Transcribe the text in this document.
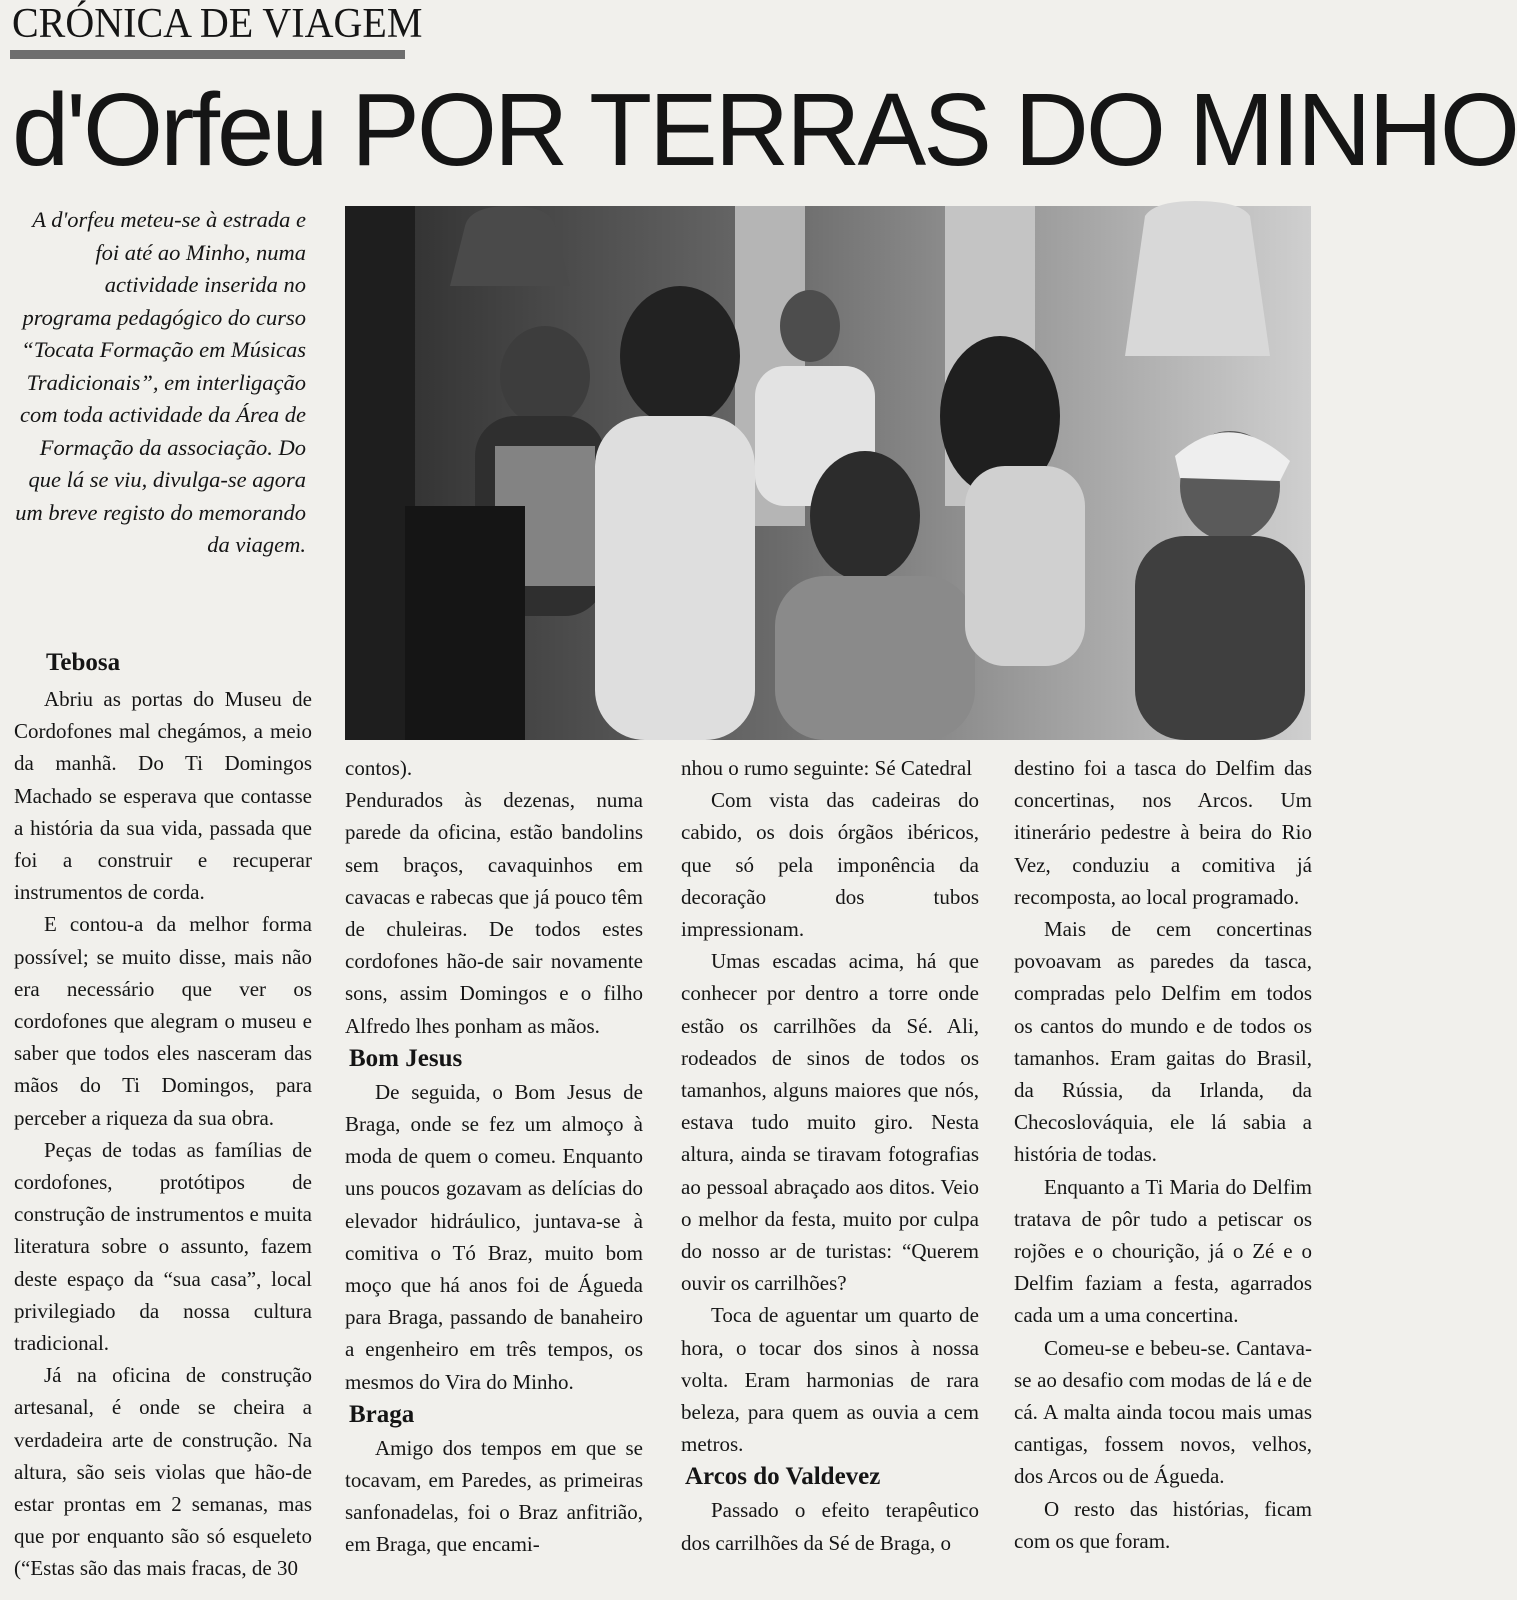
CRÓNICA DE VIAGEM
d'Orfeu POR TERRAS DO MINHO
A d'orfeu meteu-se à estrada e foi até ao Minho, numa actividade inserida no programa pedagógico do curso “Tocata Formação em Músicas Tradicionais”, em interligação com toda actividade da Área de Formação da associação. Do que lá se viu, divulga-se agora um breve registo do memorando da viagem.
Tebosa

Abriu as portas do Museu de Cordofones mal chegámos, a meio da manhã. Do Ti Domingos Machado se esperava que contasse a história da sua vida, passada que foi a construir e recuperar instrumentos de corda.

E contou-a da melhor forma possível; se muito disse, mais não era necessário que ver os cordofones que alegram o museu e saber que todos eles nasceram das mãos do Ti Domingos, para perceber a riqueza da sua obra.

Peças de todas as famílias de cordofones, protótipos de construção de instrumentos e muita literatura sobre o assunto, fazem deste espaço da “sua casa”, local privilegiado da nossa cultura tradicional.

Já na oficina de construção artesanal, é onde se cheira a verdadeira arte de construção. Na altura, são seis violas que hão-de estar prontas em 2 semanas, mas que por enquanto são só esqueleto (“Estas são das mais fracas, de 30

contos).

Pendurados às dezenas, numa parede da oficina, estão bandolins sem braços, cavaquinhos em cavacas e rabecas que já pouco têm de chuleiras. De todos estes cordofones hão-de sair novamente sons, assim Domingos e o filho Alfredo lhes ponham as mãos.

Bom Jesus

De seguida, o Bom Jesus de Braga, onde se fez um almoço à moda de quem o comeu. Enquanto uns poucos gozavam as delícias do elevador hidráulico, juntava-se à comitiva o Tó Braz, muito bom moço que há anos foi de Águeda para Braga, passando de banaheiro a engenheiro em três tempos, os mesmos do Vira do Minho.

Braga

Amigo dos tempos em que se tocavam, em Paredes, as primeiras sanfonadelas, foi o Braz anfitrião, em Braga, que encami-

nhou o rumo seguinte: Sé Catedral

Com vista das cadeiras do cabido, os dois órgãos ibéricos, que só pela imponência da decoração dos tubos impressionam.

Umas escadas acima, há que conhecer por dentro a torre onde estão os carrilhões da Sé. Ali, rodeados de sinos de todos os tamanhos, alguns maiores que nós, estava tudo muito giro. Nesta altura, ainda se tiravam fotografias ao pessoal abraçado aos ditos. Veio o melhor da festa, muito por culpa do nosso ar de turistas: “Querem ouvir os carrilhões?

Toca de aguentar um quarto de hora, o tocar dos sinos à nossa volta. Eram harmonias de rara beleza, para quem as ouvia a cem metros.

Arcos do Valdevez

Passado o efeito terapêutico dos carrilhões da Sé de Braga, o

destino foi a tasca do Delfim das concertinas, nos Arcos. Um itinerário pedestre à beira do Rio Vez, conduziu a comitiva já recomposta, ao local programado.

Mais de cem concertinas povoavam as paredes da tasca, compradas pelo Delfim em todos os cantos do mundo e de todos os tamanhos. Eram gaitas do Brasil, da Rússia, da Irlanda, da Checoslováquia, ele lá sabia a história de todas.

Enquanto a Ti Maria do Delfim tratava de pôr tudo a petiscar os rojões e o chourição, já o Zé e o Delfim faziam a festa, agarrados cada um a uma concertina.

Comeu-se e bebeu-se. Cantava-se ao desafio com modas de lá e de cá. A malta ainda tocou mais umas cantigas, fossem novos, velhos, dos Arcos ou de Águeda.

O resto das histórias, ficam com os que foram.
